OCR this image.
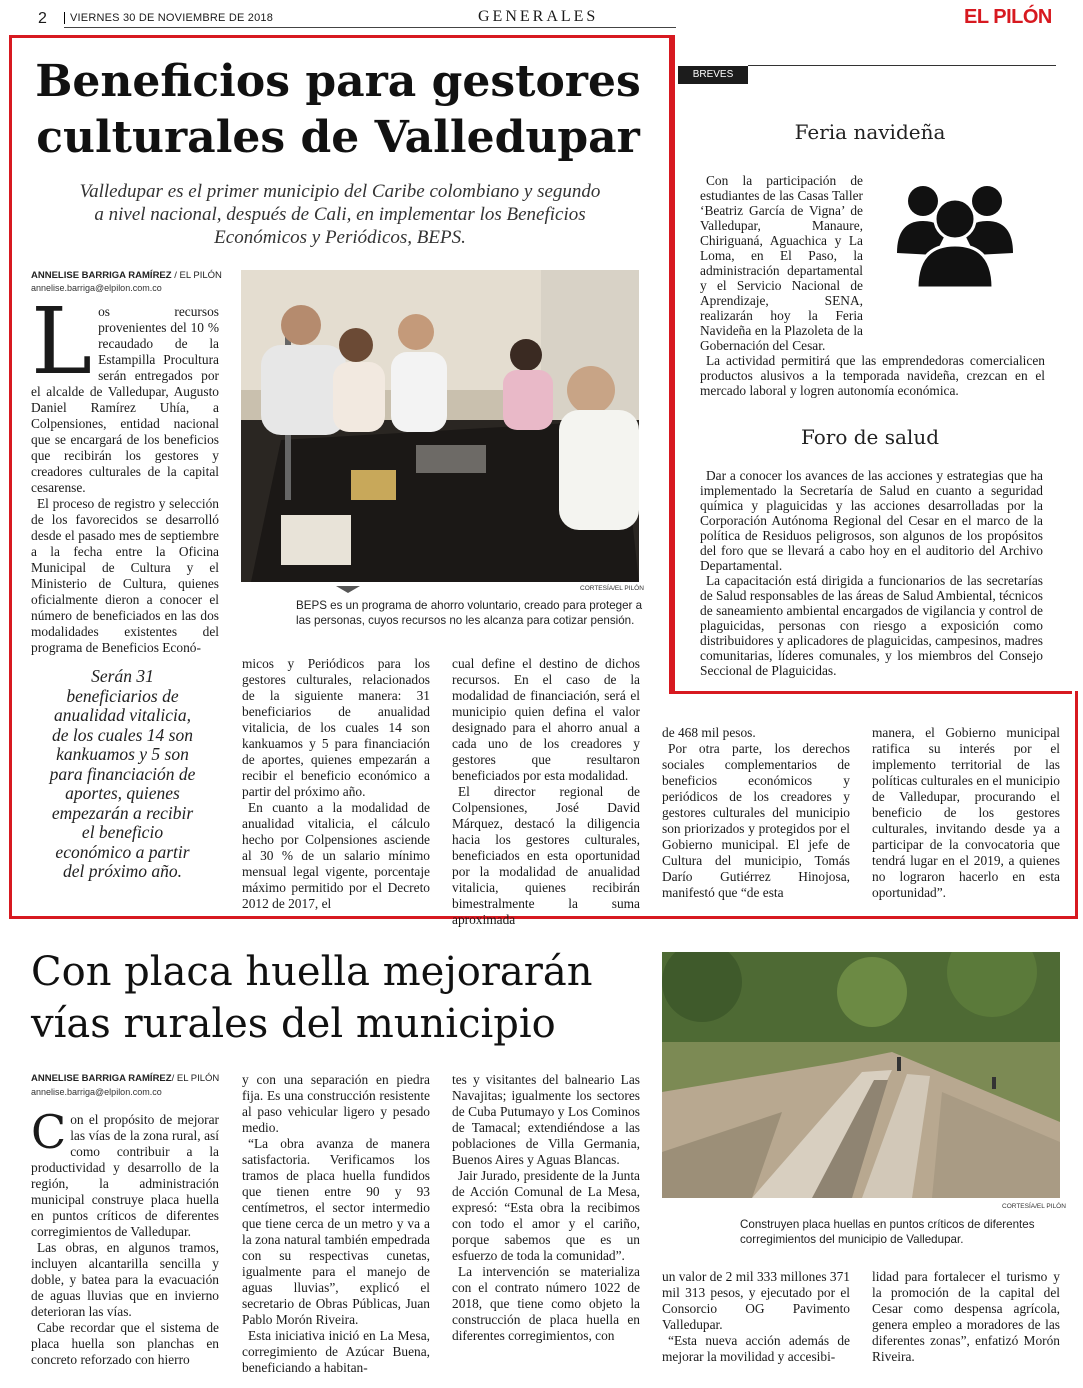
2	VIERNES 30 DE NOVIEMBRE DE 2018	GENERALES	EL PILÓN
Beneficios para gestores
culturales de Valledupar
Valledupar es el primer municipio del Caribe colombiano y segundo
a nivel nacional, después de Cali, en implementar los Beneficios
Económicos y Periódicos, BEPS.
ANNELISE BARRIGA RAMÍREZ / EL PILÓN
annelise.barriga@elpilon.com.co
L os recursos provenientes del 10 % recaudado de la Estampilla Procultura serán entregados por el alcalde de Valledupar, Augusto Daniel Ramírez Uhía, a Colpensiones, entidad nacional que se encargará de los beneficios que recibirán los gestores y creadores culturales de la capital cesarense.

El proceso de registro y selección de los favorecidos se desarrolló desde el pasado mes de septiembre a la fecha entre la Oficina Municipal de Cultura y el Ministerio de Cultura, quienes oficialmente dieron a conocer el número de beneficiados en las dos modalidades existentes del programa de Beneficios Econó-

CORTESÍA/EL PILÓN
BEPS es un programa de ahorro voluntario, creado para proteger a las personas, cuyos recursos no les alcanza para cotizar pensión.
Serán 31 beneficiarios de anualidad vitalicia, de los cuales 14 son kankuamos y 5 son para financiación de aportes, quienes empezarán a recibir el beneficio económico a partir del próximo año.

micos y Periódicos para los gestores culturales, relacionados de la siguiente manera: 31 beneficiarios de anualidad vitalicia, de los cuales 14 son kankuamos y 5 para financiación de aportes, quienes empezarán a recibir el beneficio económico a partir del próximo año.

En cuanto a la modalidad de anualidad vitalicia, el cálculo hecho por Colpensiones asciende al 30 % de un salario mínimo mensual legal vigente, porcentaje máximo permitido por el Decreto 2012 de 2017, el

cual define el destino de dichos recursos. En el caso de la modalidad de financiación, será el municipio quien defina el valor designado para el ahorro anual a cada uno de los creadores y gestores que resultaron beneficiados por esta modalidad.

El director regional de Colpensiones, José David Márquez, destacó la diligencia hacia los gestores culturales, beneficiados en esta oportunidad por la modalidad de anualidad vitalicia, quienes recibirán bimestralmente la suma aproximada

de 468 mil pesos.

Por otra parte, los derechos sociales complementarios de beneficios económicos y periódicos de los creadores y gestores culturales del municipio son priorizados y protegidos por el Gobierno municipal. El jefe de Cultura del municipio, Tomás Darío Gutiérrez Hinojosa, manifestó que “de esta

manera, el Gobierno municipal ratifica su interés por el implemento territorial de las políticas culturales en el municipio de Valledupar, procurando el beneficio de los gestores culturales, invitando desde ya a participar de la convocatoria que tendrá lugar en el 2019, a quienes no lograron hacerlo en esta oportunidad”.

BREVES
Feria navideña

Con la participación de estudiantes de las Casas Taller ‘Beatriz García de Vigna’ de Valledupar, Manaure, Chiriguaná, Aguachica y La Loma, en El Paso, la administración departamental y el Servicio Nacional de Aprendizaje, SENA, realizarán hoy la Feria Navideña en la Plazoleta de la Gobernación del Cesar.

La actividad permitirá que las emprendedoras comercialicen productos alusivos a la temporada navideña, crezcan en el mercado laboral y logren autonomía económica.

Foro de salud

Dar a conocer los avances de las acciones y estrategias que ha implementado la Secretaría de Salud en cuanto a seguridad química y plaguicidas y las acciones desarrolladas por la Corporación Autónoma Regional del Cesar en el marco de la política de Residuos peligrosos, son algunos de los propósitos del foro que se llevará a cabo hoy en el auditorio del Archivo Departamental.

La capacitación está dirigida a funcionarios de las secretarías de Salud responsables de las áreas de Salud Ambiental, técnicos de saneamiento ambiental encargados de vigilancia y control de plaguicidas, personas con riesgo a exposición como distribuidores y aplicadores de plaguicidas, campesinos, madres comunitarias, líderes comunales, y los miembros del Consejo Seccional de Plaguicidas.

Con placa huella mejorarán
vías rurales del municipio
ANNELISE BARRIGA RAMÍREZ/ EL PILÓN
annelise.barriga@elpilon.com.co
C on el propósito de mejorar las vías de la zona rural, así como contribuir a la productividad y desarrollo de la región, la administración municipal construye placa huella en puntos críticos de diferentes corregimientos de Valledupar.

Las obras, en algunos tramos, incluyen alcantarilla sencilla y doble, y batea para la evacuación de aguas lluvias que en invierno deterioran las vías.

Cabe recordar que el sistema de placa huella son planchas en concreto reforzado con hierro

y con una separación en piedra fija. Es una construcción resistente al paso vehicular ligero y pesado medio.

“La obra avanza de manera satisfactoria. Verificamos los tramos de placa huella fundidos que tienen entre 90 y 93 centímetros, el sector intermedio que tiene cerca de un metro y va a la zona natural también empedrada con su respectivas cunetas, igualmente para el manejo de aguas lluvias”, explicó el secretario de Obras Públicas, Juan Pablo Morón Riveira.

Esta iniciativa inició en La Mesa, corregimiento de Azúcar Buena, beneficiando a habitan-

tes y visitantes del balneario Las Navajitas; igualmente los sectores de Cuba Putumayo y Los Cominos de Tamacal; extendiéndose a las poblaciones de Villa Germania, Buenos Aires y Aguas Blancas.

Jair Jurado, presidente de la Junta de Acción Comunal de La Mesa, expresó: “Esta obra la recibimos con todo el amor y el cariño, porque sabemos que es un esfuerzo de toda la comunidad”.

La intervención se materializa con el contrato número 1022 de 2018, que tiene como objeto la construcción de placa huella en diferentes corregimientos, con

CORTESÍA/EL PILÓN
Construyen placa huellas en puntos críticos de diferentes corregimientos del municipio de Valledupar.

un valor de 2 mil 333 millones 371 mil 313 pesos, y ejecutado por el Consorcio OG Pavimento Valledupar.

“Esta nueva acción además de mejorar la movilidad y accesibi-

lidad para fortalecer el turismo y la promoción de la capital del Cesar como despensa agrícola, genera empleo a moradores de las diferentes zonas”, enfatizó Morón Riveira.
